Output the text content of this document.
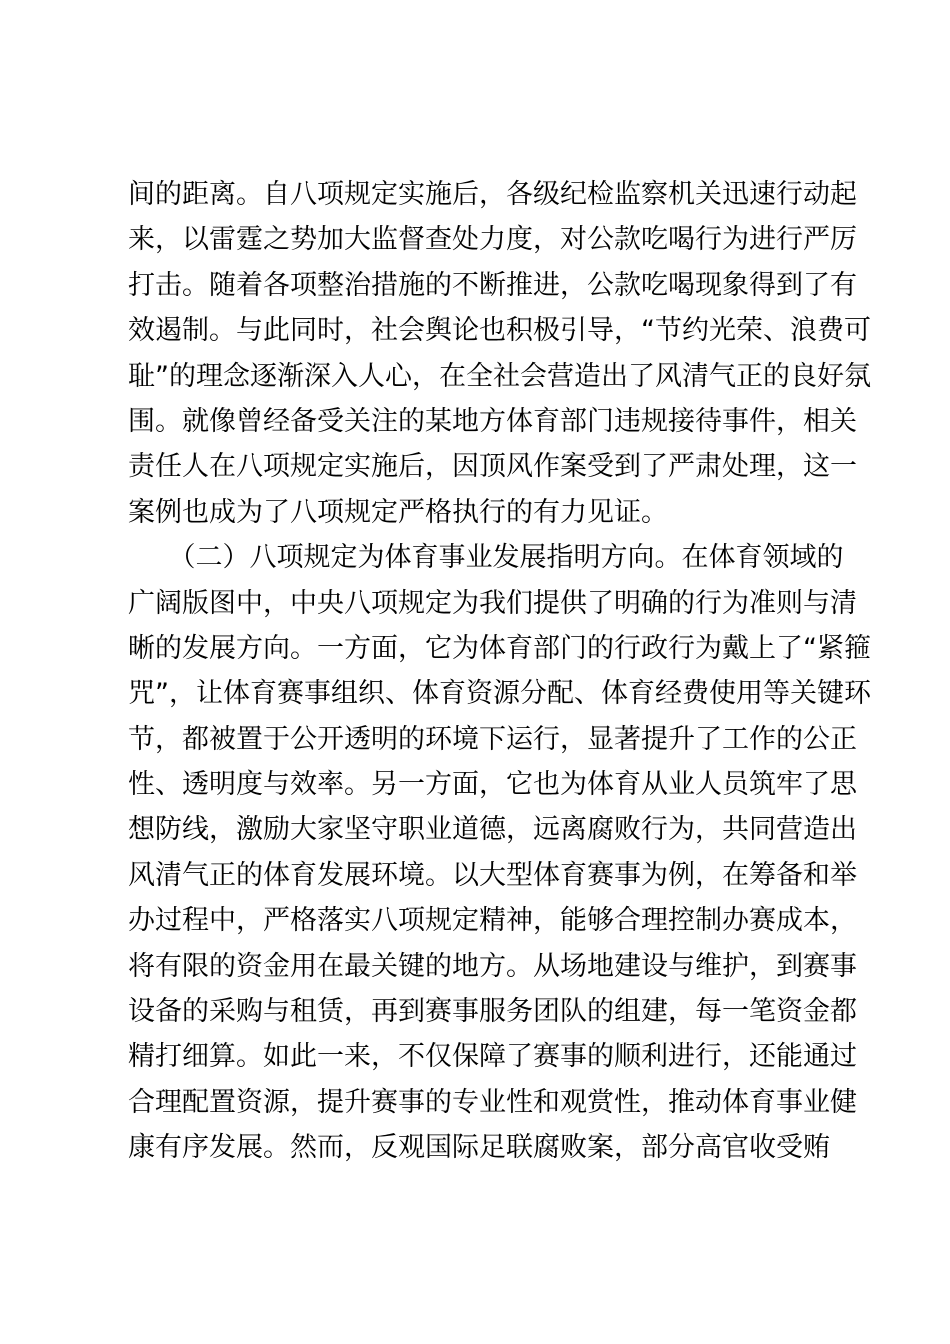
间的距离。自八项规定实施后，各级纪检监察机关迅速行动起
来，以雷霆之势加大监督查处力度，对公款吃喝行为进行严厉
打击。随着各项整治措施的不断推进，公款吃喝现象得到了有
效遏制。与此同时，社会舆论也积极引导，“节约光荣、浪费可
耻”的理念逐渐深入人心，在全社会营造出了风清气正的良好氛
围。就像曾经备受关注的某地方体育部门违规接待事件，相关
责任人在八项规定实施后，因顶风作案受到了严肃处理，这一
案例也成为了八项规定严格执行的有力见证。
　　（二）八项规定为体育事业发展指明方向。在体育领域的
广阔版图中，中央八项规定为我们提供了明确的行为准则与清
晰的发展方向。一方面，它为体育部门的行政行为戴上了“紧箍
咒”，让体育赛事组织、体育资源分配、体育经费使用等关键环
节，都被置于公开透明的环境下运行，显著提升了工作的公正
性、透明度与效率。另一方面，它也为体育从业人员筑牢了思
想防线，激励大家坚守职业道德，远离腐败行为，共同营造出
风清气正的体育发展环境。以大型体育赛事为例，在筹备和举
办过程中，严格落实八项规定精神，能够合理控制办赛成本，
将有限的资金用在最关键的地方。从场地建设与维护，到赛事
设备的采购与租赁，再到赛事服务团队的组建，每一笔资金都
精打细算。如此一来，不仅保障了赛事的顺利进行，还能通过
合理配置资源，提升赛事的专业性和观赏性，推动体育事业健
康有序发展。然而，反观国际足联腐败案，部分高官收受贿
